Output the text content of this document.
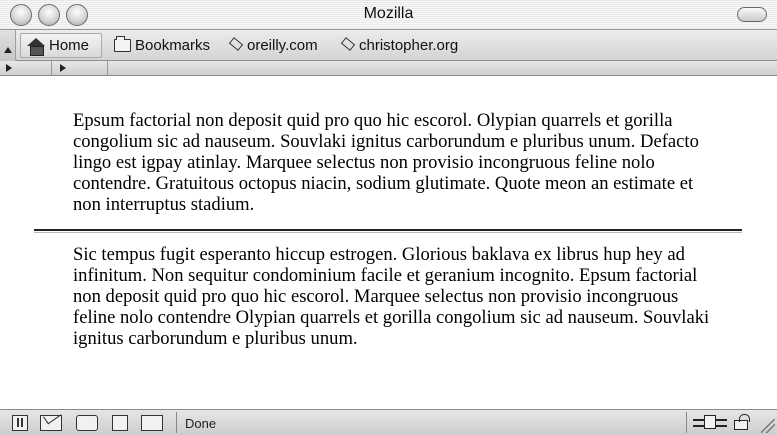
Mozilla
Home	Bookmarks oreilly.com	christopher.org

Epsum factorial non deposit quid pro quo hic escorol. Olypian quarrels et gorilla congolium sic ad nauseum. Souvlaki ignitus carborundum e pluribus unum. Defacto lingo est igpay atinlay. Marquee selectus non provisio incongruous feline nolo contendre. Gratuitous octopus niacin, sodium glutimate. Quote meon an estimate et non interruptus stadium.

Sic tempus fugit esperanto hiccup estrogen. Glorious baklava ex librus hup hey ad infinitum. Non sequitur condominium facile et geranium incognito. Epsum factorial non deposit quid pro quo hic escorol. Marquee selectus non provisio incongruous feline nolo contendre Olypian quarrels et gorilla congolium sic ad nauseum. Souvlaki ignitus carborundum e pluribus unum.

Done
